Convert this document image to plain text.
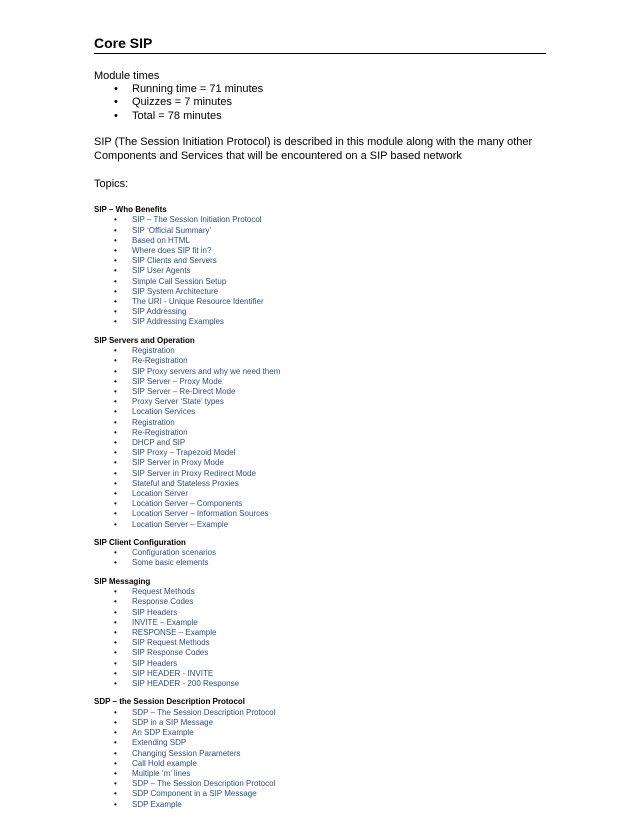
Core SIP

Module times

• Running time = 71 minutes
• Quizzes = 7 minutes
• Total = 78 minutes

SIP (The Session Initiation Protocol) is described in this module along with the many other Components and Services that will be encountered on a SIP based network

Topics:

SIP – Who Benefits
• SIP – The Session Initiation Protocol
• SIP ‘Official Summary’
• Based on HTML
• Where does SIP fit in?
• SIP Clients and Servers
• SIP User Agents
• Simple Call Session Setup
• SIP System Architecture
• The URI - Unique Resource Identifier
• SIP Addressing
• SIP Addressing Examples
SIP Servers and Operation
• Registration
• Re-Registration
• SIP Proxy servers and why we need them
• SIP Server – Proxy Mode
• SIP Server – Re-Direct Mode
• Proxy Server ‘State’ types
• Location Services
• Registration
• Re-Registration
• DHCP and SIP
• SIP Proxy – Trapezoid Model
• SIP Server in Proxy Mode
• SIP Server in Proxy Redirect Mode
• Stateful and Stateless Proxies
• Location Server
• Location Server – Components
• Location Server – Information Sources
• Location Server – Example
SIP Client Configuration
• Configuration scenarios
• Some basic elements
SIP Messaging
• Request Methods
• Response Codes
• SIP Headers
• INVITE – Example
• RESPONSE – Example
• SIP Request Methods
• SIP Response Codes
• SIP Headers
• SIP HEADER - INVITE
• SIP HEADER - 200 Response
SDP – the Session Description Protocol
• SDP – The Session Description Protocol
• SDP in a SIP Message
• An SDP Example
• Extending SDP
• Changing Session Parameters
• Call Hold example
• Multiple ‘m’ lines
• SDP – The Session Description Protocol
• SDP Component in a SIP Message
• SDP Example
